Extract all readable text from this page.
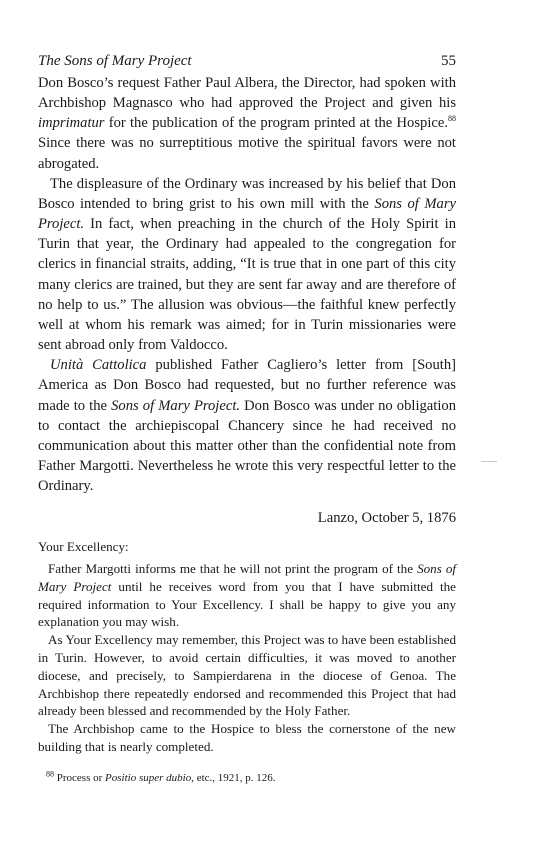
The Sons of Mary Project	55

Don Bosco’s request Father Paul Albera, the Director, had spoken with Archbishop Magnasco who had approved the Project and given his imprimatur for the publication of the program printed at the Hospice.$^{88}$ Since there was no surreptitious motive the spiritual favors were not abrogated.

The displeasure of the Ordinary was increased by his belief that Don Bosco intended to bring grist to his own mill with the Sons of Mary Project. In fact, when preaching in the church of the Holy Spirit in Turin that year, the Ordinary had appealed to the congregation for clerics in financial straits, adding, “It is true that in one part of this city many clerics are trained, but they are sent far away and are therefore of no help to us.” The allusion was obvious—the faithful knew perfectly well at whom his remark was aimed; for in Turin missionaries were sent abroad only from Valdocco.

Unità Cattolica published Father Cagliero’s letter from [South] America as Don Bosco had requested, but no further reference was made to the Sons of Mary Project. Don Bosco was under no obligation to contact the archiepiscopal Chancery since he had received no communication about this matter other than the confidential note from Father Margotti. Nevertheless he wrote this very respectful letter to the Ordinary.

Lanzo, October 5, 1876

Your Excellency:

Father Margotti informs me that he will not print the program of the Sons of Mary Project until he receives word from you that I have submitted the required information to Your Excellency. I shall be happy to give you any explanation you may wish.

As Your Excellency may remember, this Project was to have been established in Turin. However, to avoid certain difficulties, it was moved to another diocese, and precisely, to Sampierdarena in the diocese of Genoa. The Archbishop there repeatedly endorsed and recommended this Project that had already been blessed and recommended by the Holy Father.

The Archbishop came to the Hospice to bless the cornerstone of the new building that is nearly completed.

$^{88}$ Process or Positio super dubio, etc., 1921, p. 126.
